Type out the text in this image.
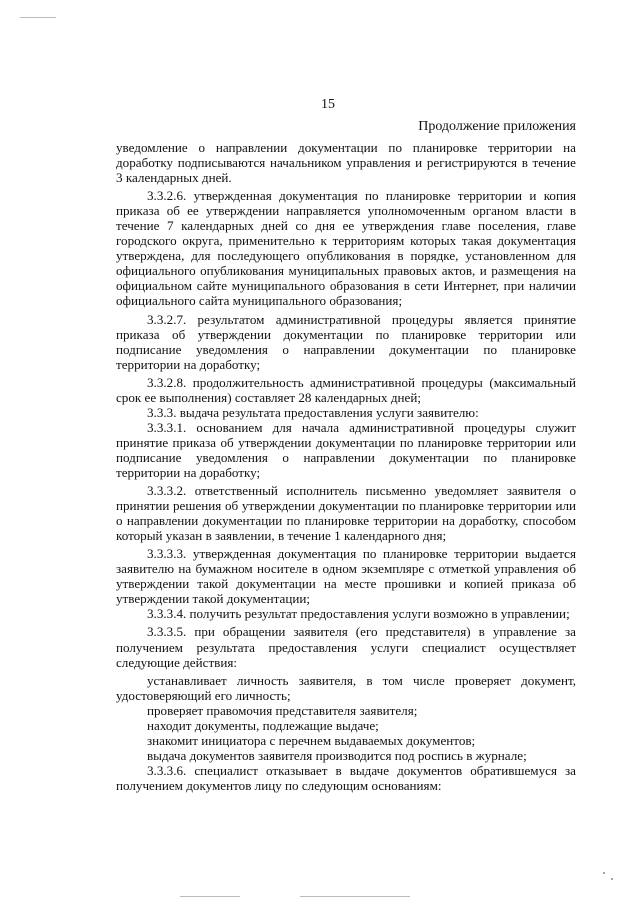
15
Продолжение приложения

уведомление о направлении документации по планировке территории на доработку подписываются начальником управления и регистрируются в течение 3 календарных дней.

3.3.2.6. утвержденная документация по планировке территории и копия приказа об ее утверждении направляется уполномоченным органом власти в течение 7 календарных дней со дня ее утверждения главе поселения, главе городского округа, применительно к территориям которых такая документация утверждена, для последующего опубликования в порядке, установленном для официального опубликования муниципальных правовых актов, и размещения на официальном сайте муниципального образования в сети Интернет, при наличии официального сайта муниципального образования;

3.3.2.7. результатом административной процедуры является принятие приказа об утверждении документации по планировке территории или подписание уведомления о направлении документации по планировке территории на доработку;

3.3.2.8. продолжительность административной процедуры (максимальный срок ее выполнения) составляет 28 календарных дней;

3.3.3. выдача результата предоставления услуги заявителю:

3.3.3.1. основанием для начала административной процедуры служит принятие приказа об утверждении документации по планировке территории или подписание уведомления о направлении документации по планировке территории на доработку;

3.3.3.2. ответственный исполнитель письменно уведомляет заявителя о принятии решения об утверждении документации по планировке территории или о направлении документации по планировке территории на доработку, способом который указан в заявлении, в течение 1 календарного дня;

3.3.3.3. утвержденная документация по планировке территории выдается заявителю на бумажном носителе в одном экземпляре с отметкой управления об утверждении такой документации на месте прошивки и копией приказа об утверждении такой документации;

3.3.3.4. получить результат предоставления услуги возможно в управлении;

3.3.3.5. при обращении заявителя (его представителя) в управление за получением результата предоставления услуги специалист осуществляет следующие действия:

устанавливает личность заявителя, в том числе проверяет документ, удостоверяющий его личность;

проверяет правомочия представителя заявителя;

находит документы, подлежащие выдаче;

знакомит инициатора с перечнем выдаваемых документов;

выдача документов заявителя производится под роспись в журнале;

3.3.3.6. специалист отказывает в выдаче документов обратившемуся за получением документов лицу по следующим основаниям:
